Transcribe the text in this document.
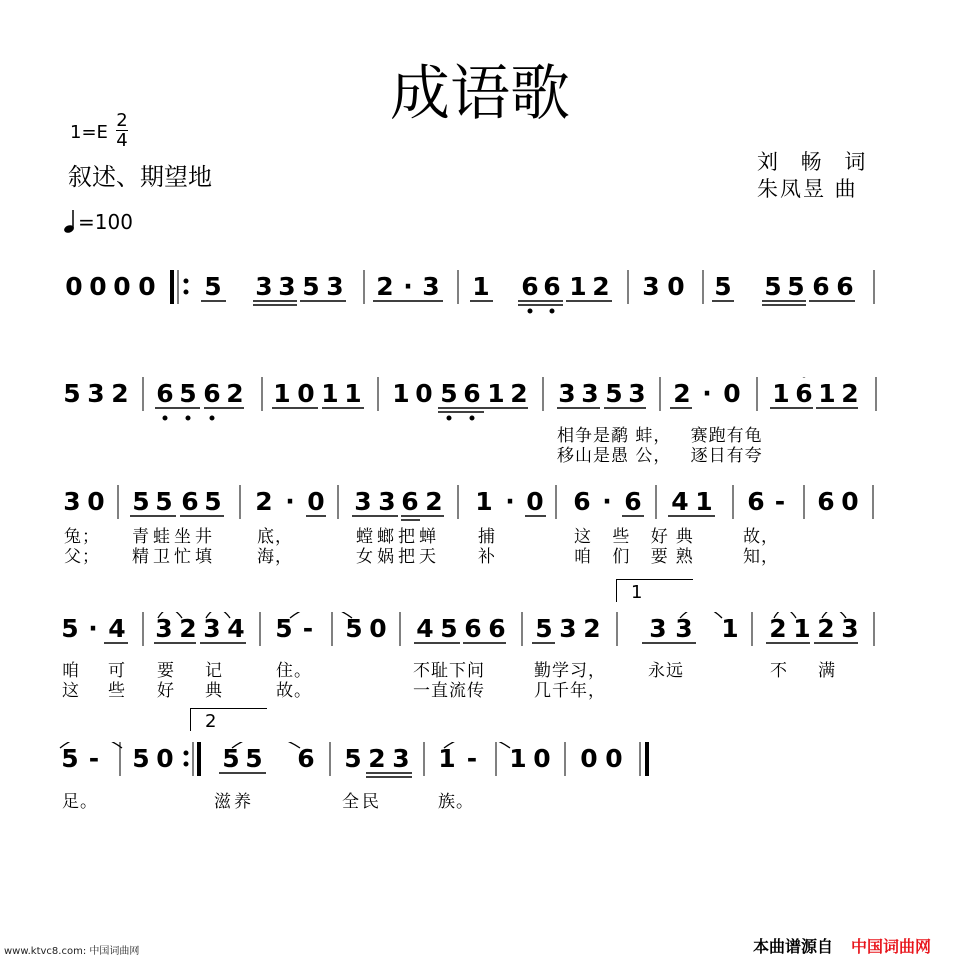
成语歌
1=E
2
4
叙述、期望地
=100
刘 畅 词
朱凤昱 曲
0 0 0 0 5 3 3 5 3 2 · 3 1 6 6 1 2 3 0 5 5 5 6 6
5 3 2 6 5 6 2 1 0 1 1 1 0 5 6 1 2 3 3 5 3 2 · 0 1 6 1 2
相争是鹬 蚌，   赛跑有龟
移山是愚 公，   逐日有夸
3 0 5 5 6 5 2 · 0 3 3 6 2 1 · 0 6 · 6 4 1 6 - 6 0
兔； 青蛙坐井 底，	螳螂把蝉 捕	这 些 好典 故，
父； 精卫忙填 海，	女娲把天 补	咱 们 要熟 知，
1
5 · 4 3 2 3 4 5 - 5 0 4 5 6 6 5 3 2 3 3 1 2 1 2 3
咱 可 要 记	住。	不耻下问	勤学习， 永远	不 满
这 些 好 典	故。	一直流传	几千年，
2
5 - 5 0 5 5 6 5 2 3 1 - 1 0 0 0
足。	滋养	全民	族。
www.ktvc8.com: 中国词曲网	本曲谱源自 中国词曲网
